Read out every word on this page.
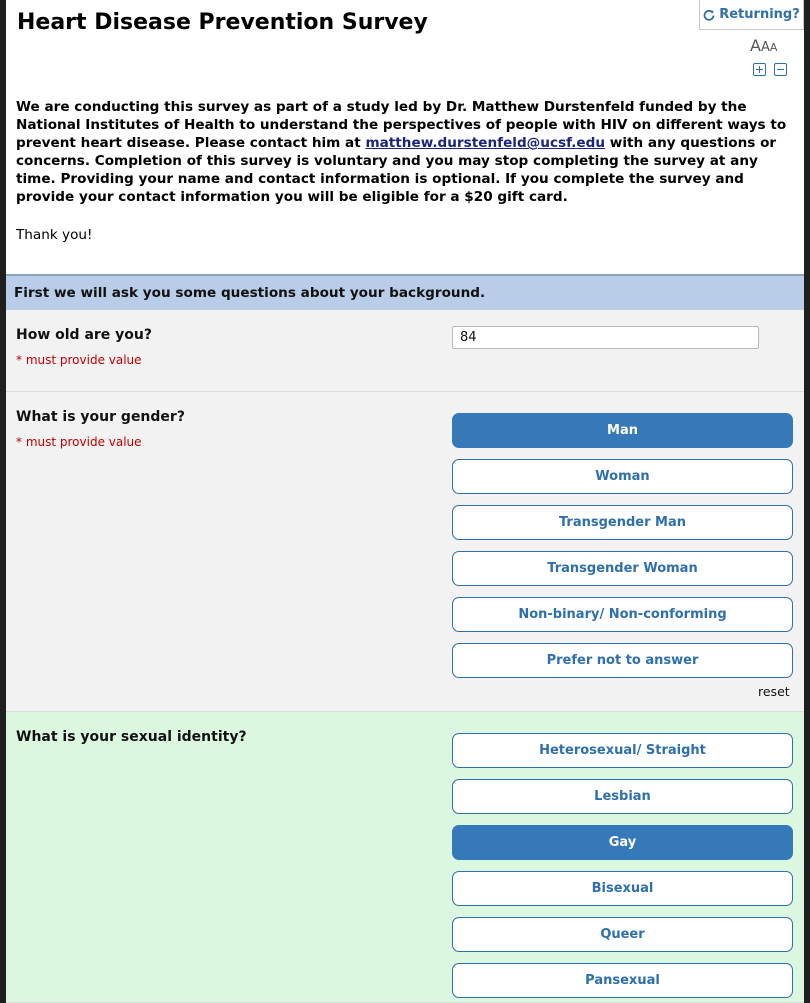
Heart Disease Prevention Survey	Returning?
AAA

We are conducting this survey as part of a study led by Dr. Matthew Durstenfeld funded by the National Institutes of Health to understand the perspectives of people with HIV on different ways to prevent heart disease. Please contact him at matthew.durstenfeld@ucsf.edu with any questions or concerns. Completion of this survey is voluntary and you may stop completing the survey at any time. Providing your name and contact information is optional. If you complete the survey and provide your contact information you will be eligible for a $20 gift card.

Thank you!

First we will ask you some questions about your background.
How old are you?
* must provide value
84
What is your gender?
* must provide value
Man
Woman
Transgender Man
Transgender Woman
Non-binary/ Non-conforming
Prefer not to answer
reset
What is your sexual identity?
Heterosexual/ Straight
Lesbian
Gay
Bisexual
Queer
Pansexual
